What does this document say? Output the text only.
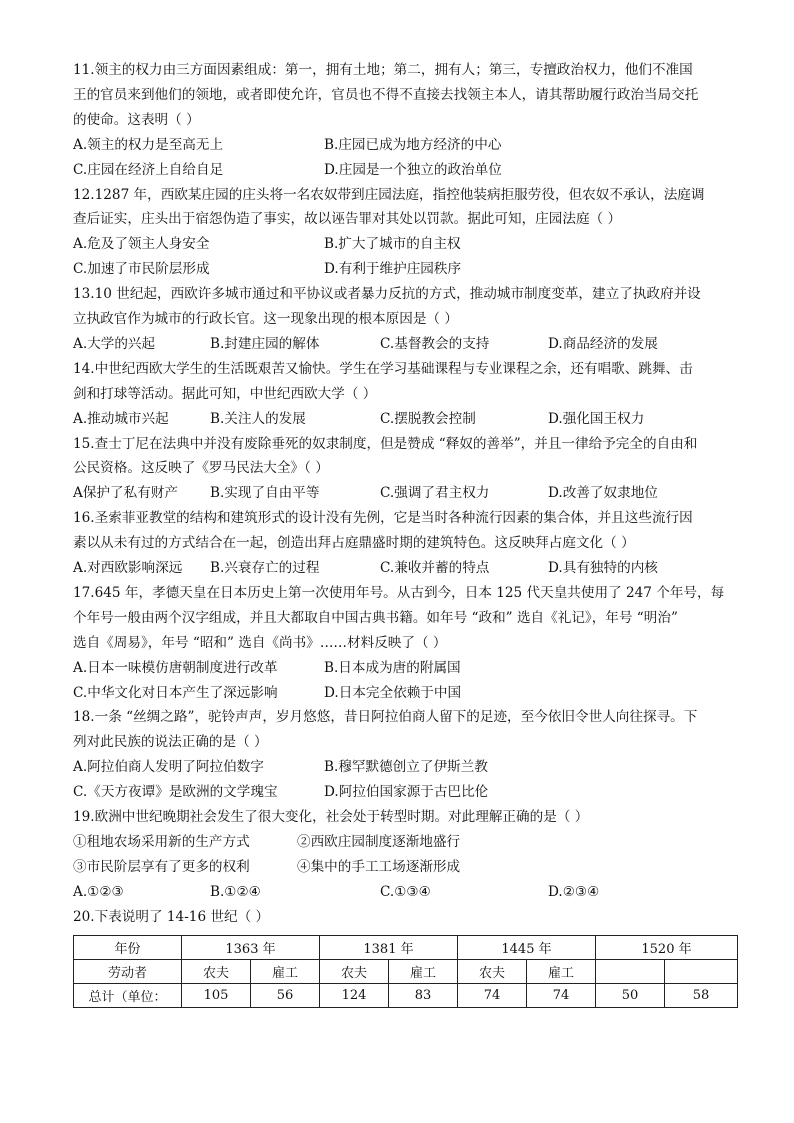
11.领主的权力由三方面因素组成：第一，拥有土地；第二，拥有人；第三，专擅政治权力，他们不准国
王的官员来到他们的领地，或者即使允许，官员也不得不直接去找领主本人，请其帮助履行政治当局交托
的使命。这表明（ ）
A.领主的权力是至高无上	B.庄园已成为地方经济的中心
C.庄园在经济上自给自足	D.庄园是一个独立的政治单位
12.1287 年，西欧某庄园的庄头将一名农奴带到庄园法庭，指控他装病拒服劳役，但农奴不承认，法庭调
查后证实，庄头出于宿怨伪造了事实，故以诬告罪对其处以罚款。据此可知，庄园法庭（ ）
A.危及了领主人身安全	B.扩大了城市的自主权
C.加速了市民阶层形成	D.有利于维护庄园秩序
13.10 世纪起，西欧许多城市通过和平协议或者暴力反抗的方式，推动城市制度变革，建立了执政府并设
立执政官作为城市的行政长官。这一现象出现的根本原因是（ ）
A.大学的兴起	B.封建庄园的解体	C.基督教会的支持	D.商品经济的发展
14.中世纪西欧大学生的生活既艰苦又愉快。学生在学习基础课程与专业课程之余，还有唱歌、跳舞、击
剑和打球等活动。据此可知，中世纪西欧大学（ ）
A.推动城市兴起	B.关注人的发展	C.摆脱教会控制	D.强化国王权力
15.查士丁尼在法典中并没有废除垂死的奴隶制度，但是赞成 “释奴的善举”，并且一律给予完全的自由和
公民资格。这反映了《罗马民法大全》（ ）
A保护了私有财产 B.实现了自由平等	C.强调了君主权力	D.改善了奴隶地位
16.圣索菲亚教堂的结构和建筑形式的设计没有先例，它是当时各种流行因素的集合体，并且这些流行因
素以从未有过的方式结合在一起，创造出拜占庭鼎盛时期的建筑特色。这反映拜占庭文化（ ）
A.对西欧影响深远 B.兴衰存亡的过程	C.兼收并蓄的特点	D.具有独特的内核
17.645 年，孝德天皇在日本历史上第一次使用年号。从古到今，日本 125 代天皇共使用了 247 个年号，每
个年号一般由两个汉字组成，并且大都取自中国古典书籍。如年号 “政和” 选自《礼记》，年号 “明治”
选自《周易》，年号 “昭和” 选自《尚书》……材料反映了（ ）
A.日本一味模仿唐朝制度进行改革	B.日本成为唐的附属国
C.中华文化对日本产生了深远影响	D.日本完全依赖于中国
18.一条 “丝绸之路”，驼铃声声，岁月悠悠，昔日阿拉伯商人留下的足迹，至今依旧令世人向往探寻。下
列对此民族的说法正确的是（ ）
A.阿拉伯商人发明了阿拉伯数字	B.穆罕默德创立了伊斯兰教
C.《天方夜谭》是欧洲的文学瑰宝	D.阿拉伯国家源于古巴比伦
19.欧洲中世纪晚期社会发生了很大变化，社会处于转型时期。对此理解正确的是（ ）
①租地农场采用新的生产方式	②西欧庄园制度逐渐地盛行
③市民阶层享有了更多的权利	④集中的手工工场逐渐形成
A.①②③	B.①②④	C.①③④	D.②③④
20.下表说明了 14-16 世纪（ ）
年份	1363 年		1381 年		1445 年		1520 年	
劳动者	农夫	雇工	农夫	雇工	农夫	雇工		
总计（单位：	105	56	124	83	74	74	50	58
